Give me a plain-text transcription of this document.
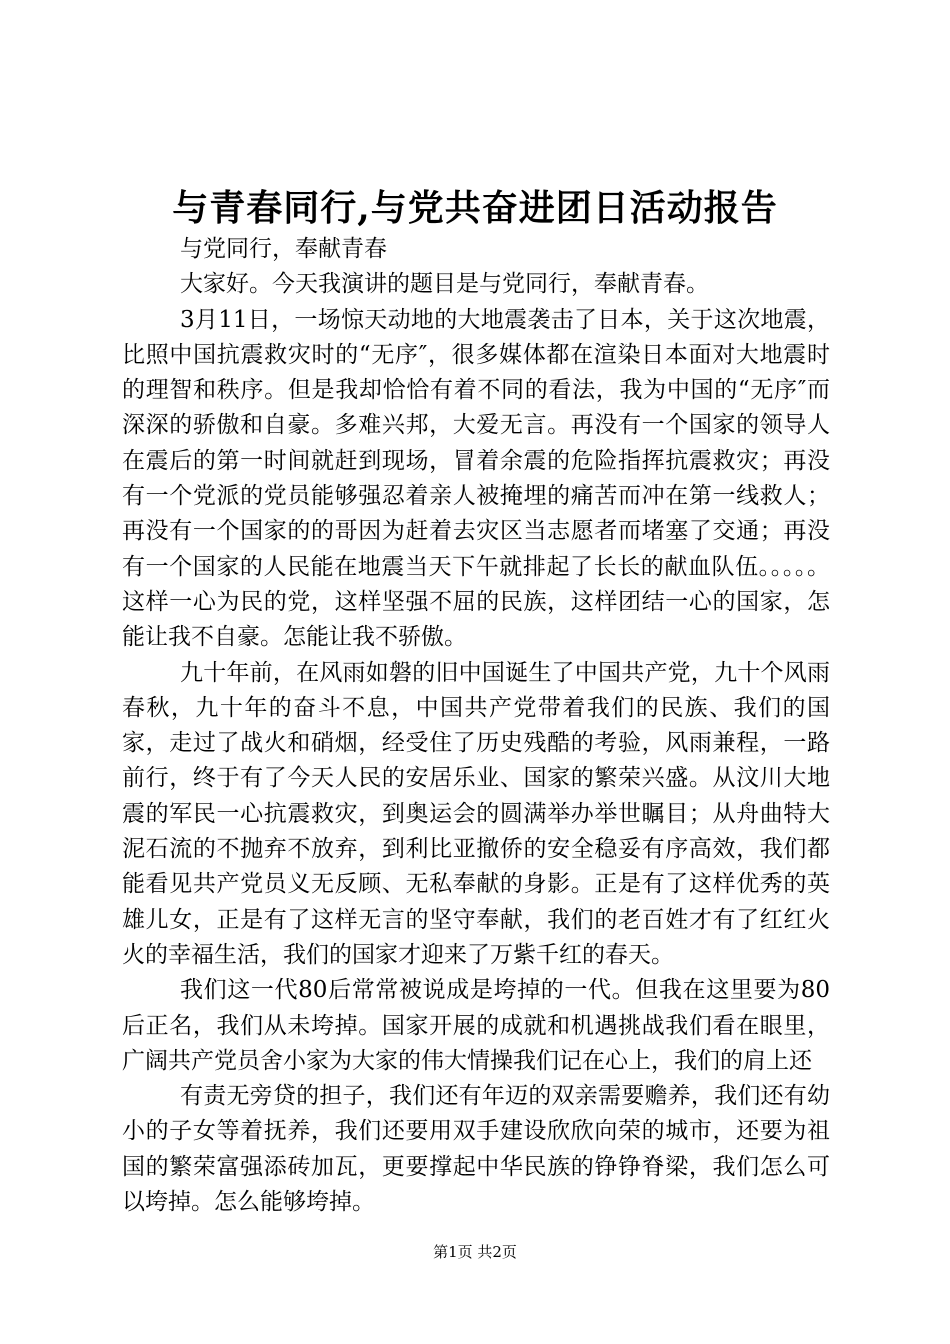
与青春同行,与党共奋进团日活动报告

与党同行，奉献青春

大家好。今天我演讲的题目是与党同行，奉献青春。

3月11日，一场惊天动地的大地震袭击了日本，关于这次地震，比照中国抗震救灾时的“无序″，很多媒体都在渲染日本面对大地震时的理智和秩序。但是我却恰恰有着不同的看法，我为中国的“无序″而深深的骄傲和自豪。多难兴邦，大爱无言。再没有一个国家的领导人在震后的第一时间就赶到现场，冒着余震的危险指挥抗震救灾；再没有一个党派的党员能够强忍着亲人被掩埋的痛苦而冲在第一线救人；再没有一个国家的的哥因为赶着去灾区当志愿者而堵塞了交通；再没有一个国家的人民能在地震当天下午就排起了长长的献血队伍。。。。。这样一心为民的党，这样坚强不屈的民族，这样团结一心的国家，怎能让我不自豪。怎能让我不骄傲。

九十年前，在风雨如磐的旧中国诞生了中国共产党，九十个风雨春秋，九十年的奋斗不息，中国共产党带着我们的民族、我们的国家，走过了战火和硝烟，经受住了历史残酷的考验，风雨兼程，一路前行，终于有了今天人民的安居乐业、国家的繁荣兴盛。从汶川大地震的军民一心抗震救灾，到奥运会的圆满举办举世瞩目；从舟曲特大泥石流的不抛弃不放弃，到利比亚撤侨的安全稳妥有序高效，我们都能看见共产党员义无反顾、无私奉献的身影。正是有了这样优秀的英雄儿女，正是有了这样无言的坚守奉献，我们的老百姓才有了红红火火的幸福生活，我们的国家才迎来了万紫千红的春天。

我们这一代80后常常被说成是垮掉的一代。但我在这里要为80后正名，我们从未垮掉。国家开展的成就和机遇挑战我们看在眼里，广阔共产党员舍小家为大家的伟大情操我们记在心上，我们的肩上还

有责无旁贷的担子，我们还有年迈的双亲需要赡养，我们还有幼小的子女等着抚养，我们还要用双手建设欣欣向荣的城市，还要为祖国的繁荣富强添砖加瓦，更要撑起中华民族的铮铮脊梁，我们怎么可以垮掉。怎么能够垮掉。

第1页 共2页
